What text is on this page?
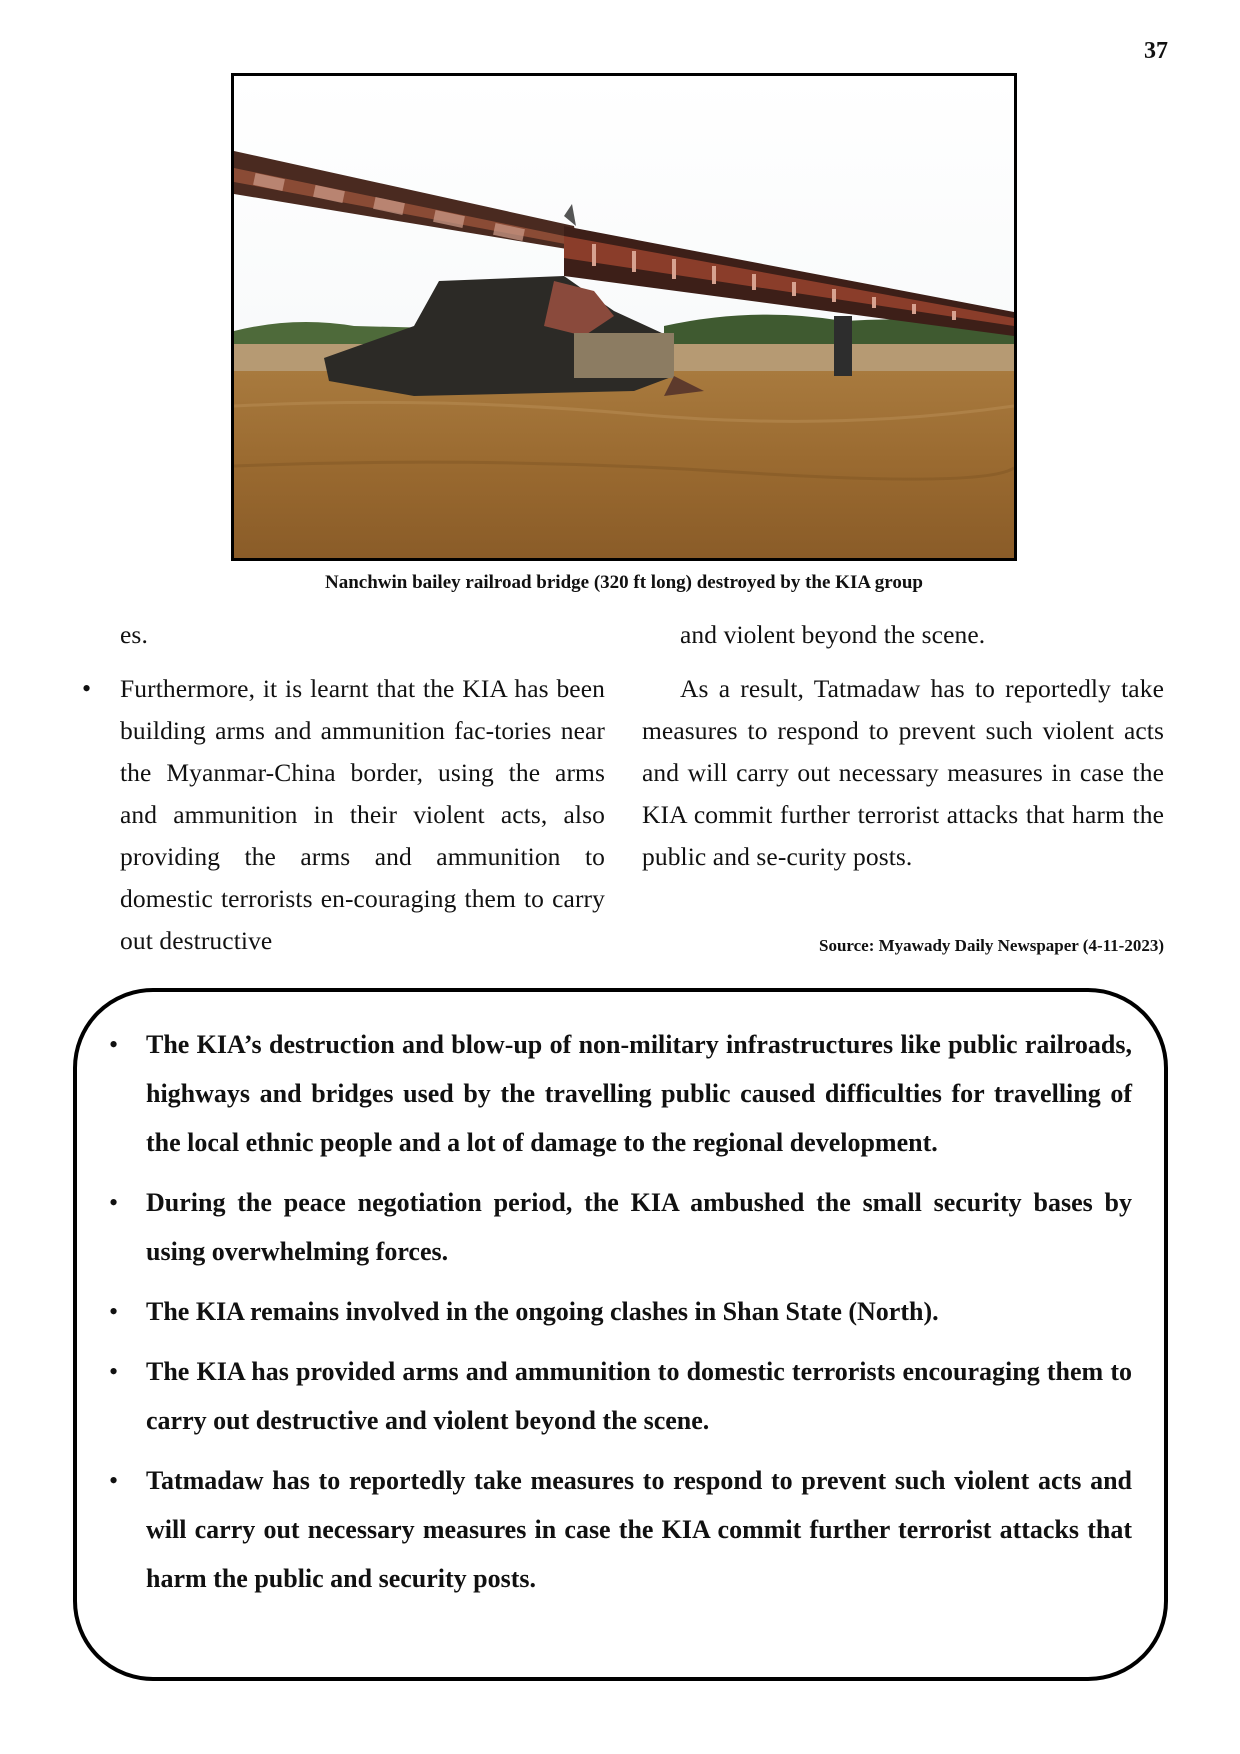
37
Nanchwin bailey railroad bridge (320 ft long) destroyed by the KIA group

es.

• Furthermore, it is learnt that the KIA has been building arms and ammunition fac-tories near the Myanmar-China border, using the arms and ammunition in their violent acts, also providing the arms and ammunition to domestic terrorists en-couraging them to carry out destructive

and violent beyond the scene.

As a result, Tatmadaw has to reportedly take measures to respond to prevent such violent acts and will carry out necessary measures in case the KIA commit further terrorist attacks that harm the public and se-curity posts.

Source: Myawady Daily Newspaper (4-11-2023)
• The KIA’s destruction and blow-up of non-military infrastructures like public railroads, highways and bridges used by the travelling public caused difficulties for travelling of the local ethnic people and a lot of damage to the regional development.
• During the peace negotiation period, the KIA ambushed the small security bases by using overwhelming forces.
• The KIA remains involved in the ongoing clashes in Shan State (North).
• The KIA has provided arms and ammunition to domestic terrorists encouraging them to carry out destructive and violent beyond the scene.
• Tatmadaw has to reportedly take measures to respond to prevent such violent acts and will carry out necessary measures in case the KIA commit further terrorist attacks that harm the public and security posts.
